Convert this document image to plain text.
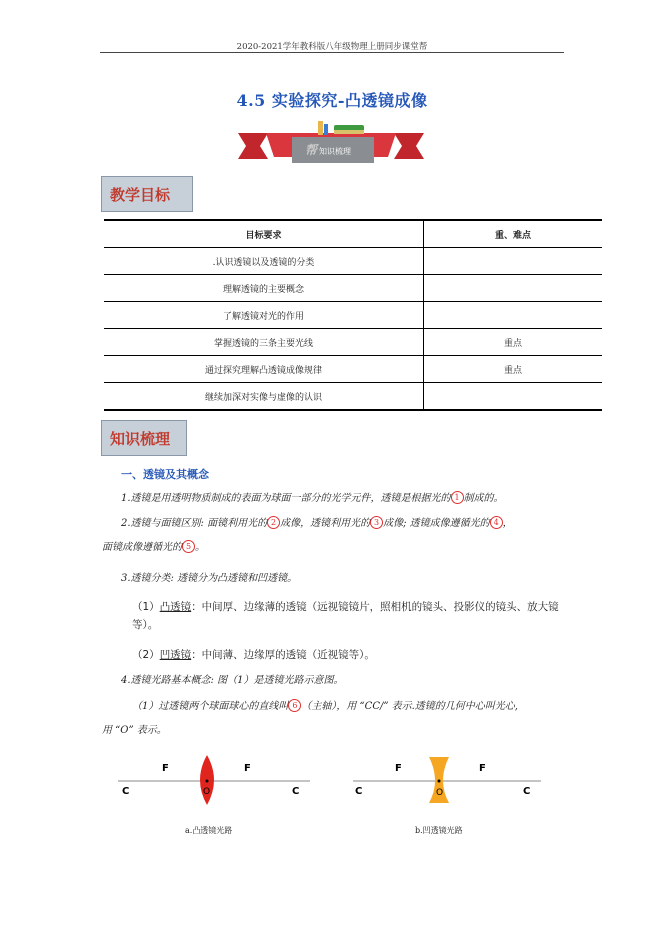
2020-2021学年教科版八年级物理上册同步课堂帮
4.5 实验探究-凸透镜成像
帮知识梳理
教学目标
目标要求	重、难点
.认识透镜以及透镜的分类	
理解透镜的主要概念	
了解透镜对光的作用	
掌握透镜的三条主要光线	重点
通过探究理解凸透镜成像规律	重点
继续加深对实像与虚像的认识	
知识梳理
一、透镜及其概念
1.透镜是用透明物质制成的表面为球面一部分的光学元件，透镜是根据光的 1 制成的。
2.透镜与面镜区别: 面镜利用光的 2 成像，透镜利用光的 3 成像; 透镜成像遵循光的 4 ，
面镜成像遵循光的 5 。
3.透镜分类: 透镜分为凸透镜和凹透镜。
（1）凸透镜：中间厚、边缘薄的透镜（远视镜镜片，照相机的镜头、投影仪的镜头、放大镜等）。
（2）凹透镜：中间薄、边缘厚的透镜（近视镜等）。
4.透镜光路基本概念: 图（1）是透镜光路示意图。
（1）过透镜两个球面球心的直线叫 6 （主轴），用 “CC/” 表示.透镜的几何中心叫光心,
用 “O” 表示。
F	F
C	C
O
a.凸透镜光路
F	F
C	C
O
b.凹透镜光路
